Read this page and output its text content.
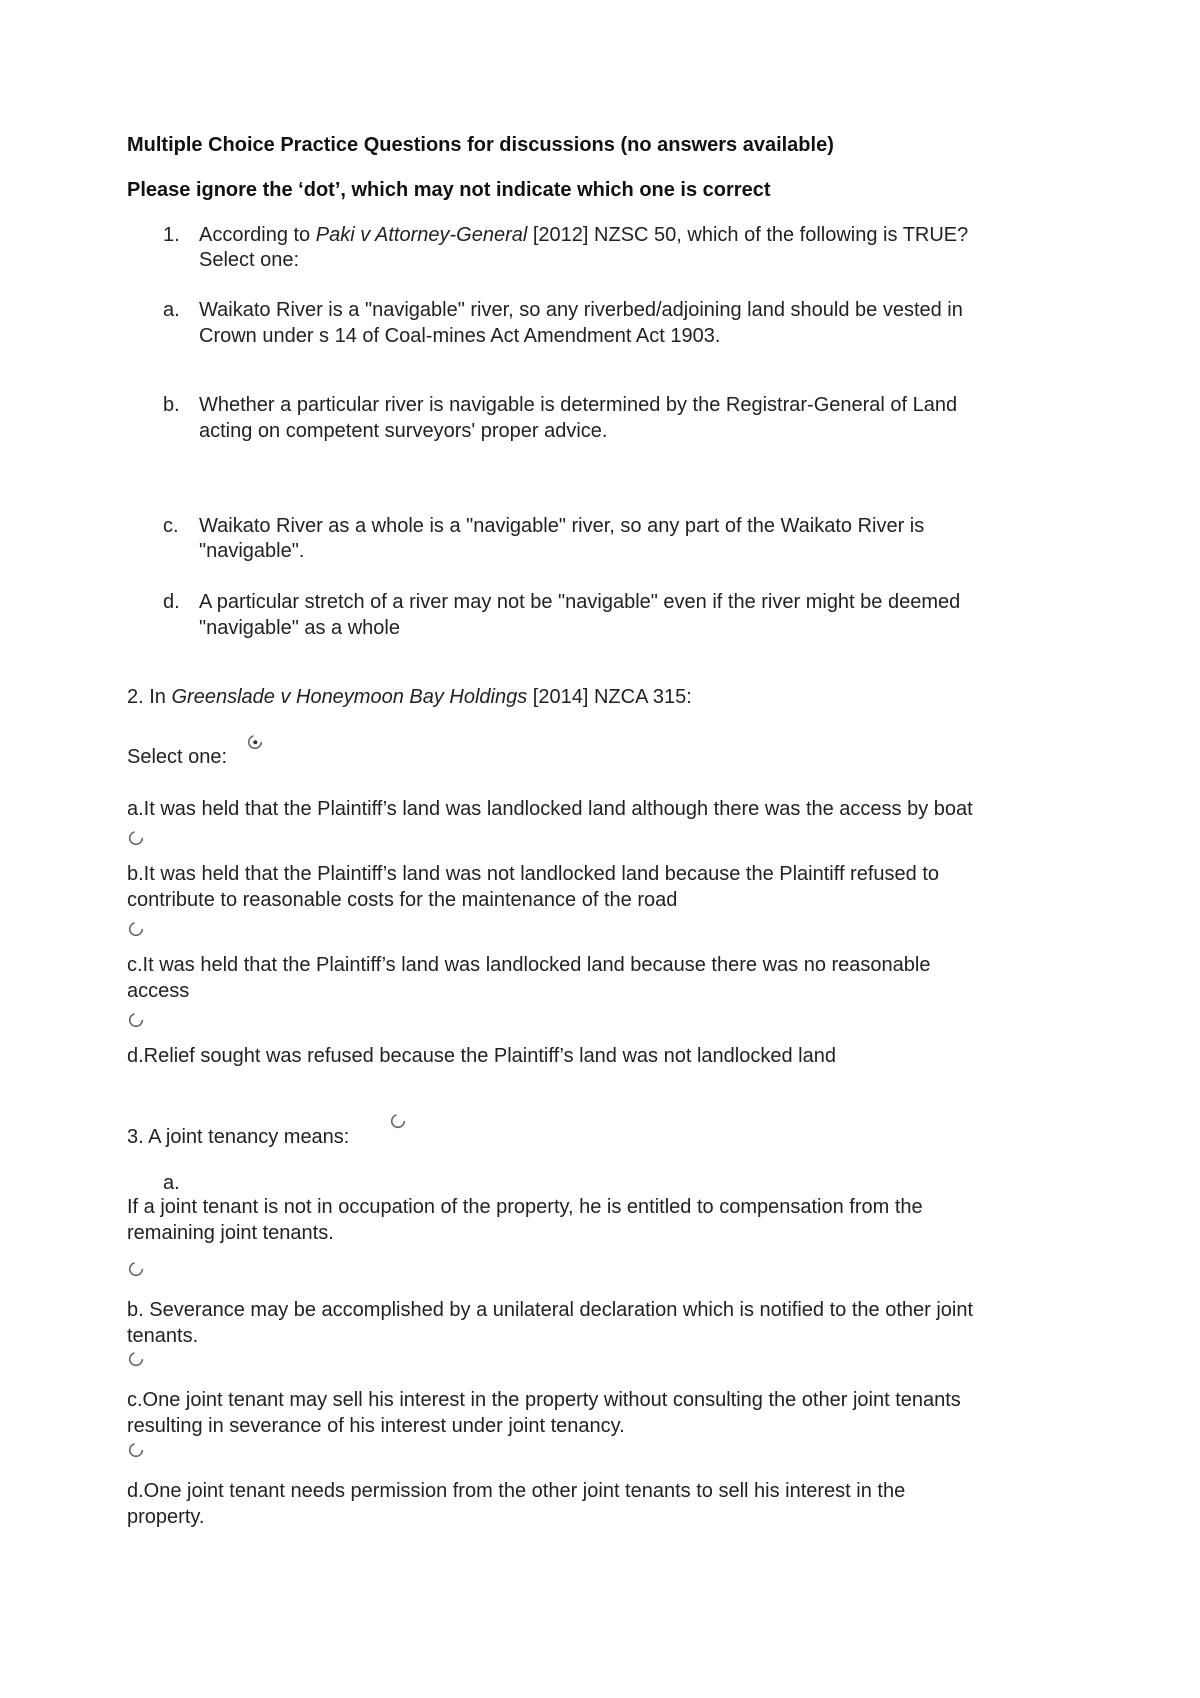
Multiple Choice Practice Questions for discussions (no answers available)
Please ignore the ‘dot’, which may not indicate which one is correct
1. According to Paki v Attorney-General [2012] NZSC 50, which of the following is TRUE?
Select one:
a. Waikato River is a "navigable" river, so any riverbed/adjoining land should be vested in
Crown under s 14 of Coal-mines Act Amendment Act 1903.
b. Whether a particular river is navigable is determined by the Registrar-General of Land
acting on competent surveyors' proper advice.
c. Waikato River as a whole is a "navigable" river, so any part of the Waikato River is
"navigable".
d. A particular stretch of a river may not be "navigable" even if the river might be deemed
"navigable" as a whole
2. In Greenslade v Honeymoon Bay Holdings [2014] NZCA 315:
Select one:
a.It was held that the Plaintiff’s land was landlocked land although there was the access by boat
b.It was held that the Plaintiff’s land was not landlocked land because the Plaintiff refused to
contribute to reasonable costs for the maintenance of the road
c.It was held that the Plaintiff’s land was landlocked land because there was no reasonable
access
d.Relief sought was refused because the Plaintiff’s land was not landlocked land
3. A joint tenancy means:
a.
If a joint tenant is not in occupation of the property, he is entitled to compensation from the
remaining joint tenants.
b. Severance may be accomplished by a unilateral declaration which is notified to the other joint
tenants.
c.One joint tenant may sell his interest in the property without consulting the other joint tenants
resulting in severance of his interest under joint tenancy.
d.One joint tenant needs permission from the other joint tenants to sell his interest in the
property.
